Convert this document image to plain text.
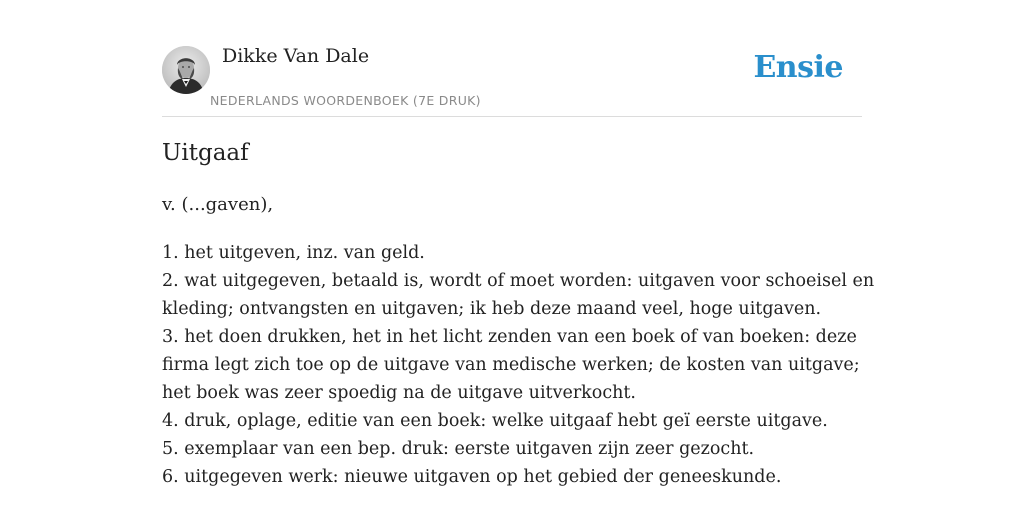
Dikke Van Dale
NEDERLANDS WOORDENBOEK (7E DRUK)
Ensie
Uitgaaf

v. (...gaven),

1. het uitgeven, inz. van geld.
2. wat uitgegeven, betaald is, wordt of moet worden: uitgaven voor schoeisel en
kleding; ontvangsten en uitgaven; ik heb deze maand veel, hoge uitgaven.
3. het doen drukken, het in het licht zenden van een boek of van boeken: deze
firma legt zich toe op de uitgave van medische werken; de kosten van uitgave;
het boek was zeer spoedig na de uitgave uitverkocht.
4. druk, oplage, editie van een boek: welke uitgaaf hebt geï eerste uitgave.
5. exemplaar van een bep. druk: eerste uitgaven zijn zeer gezocht.
6. uitgegeven werk: nieuwe uitgaven op het gebied der geneeskunde.
